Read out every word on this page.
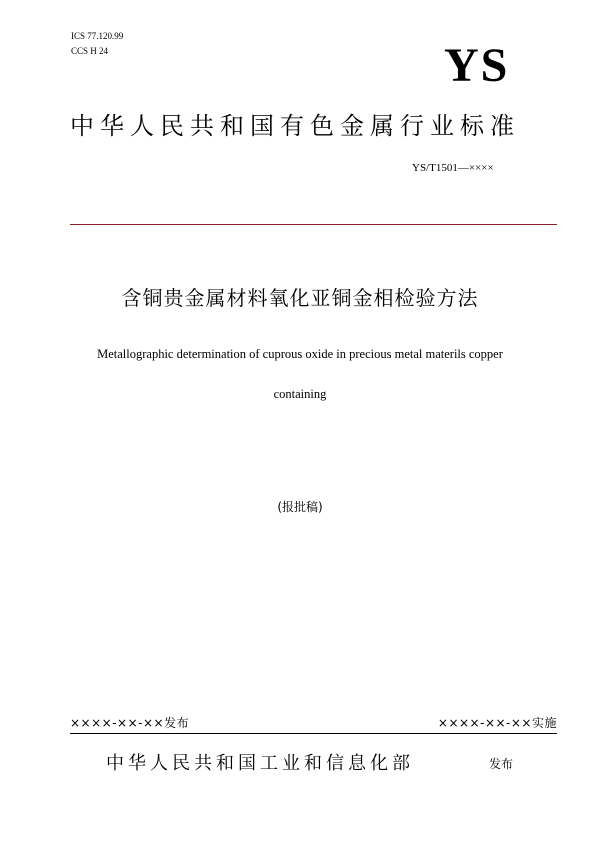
ICS 77.120.99
CCS H 24	YS
中华人民共和国有色金属行业标准
YS/T1501—××××
含铜贵金属材料氧化亚铜金相检验方法
Metallographic determination of cuprous oxide in precious metal materils copper
containing
(报批稿)
××××-××-××发布	××××-××-××实施
中华人民共和国工业和信息化部	发布
